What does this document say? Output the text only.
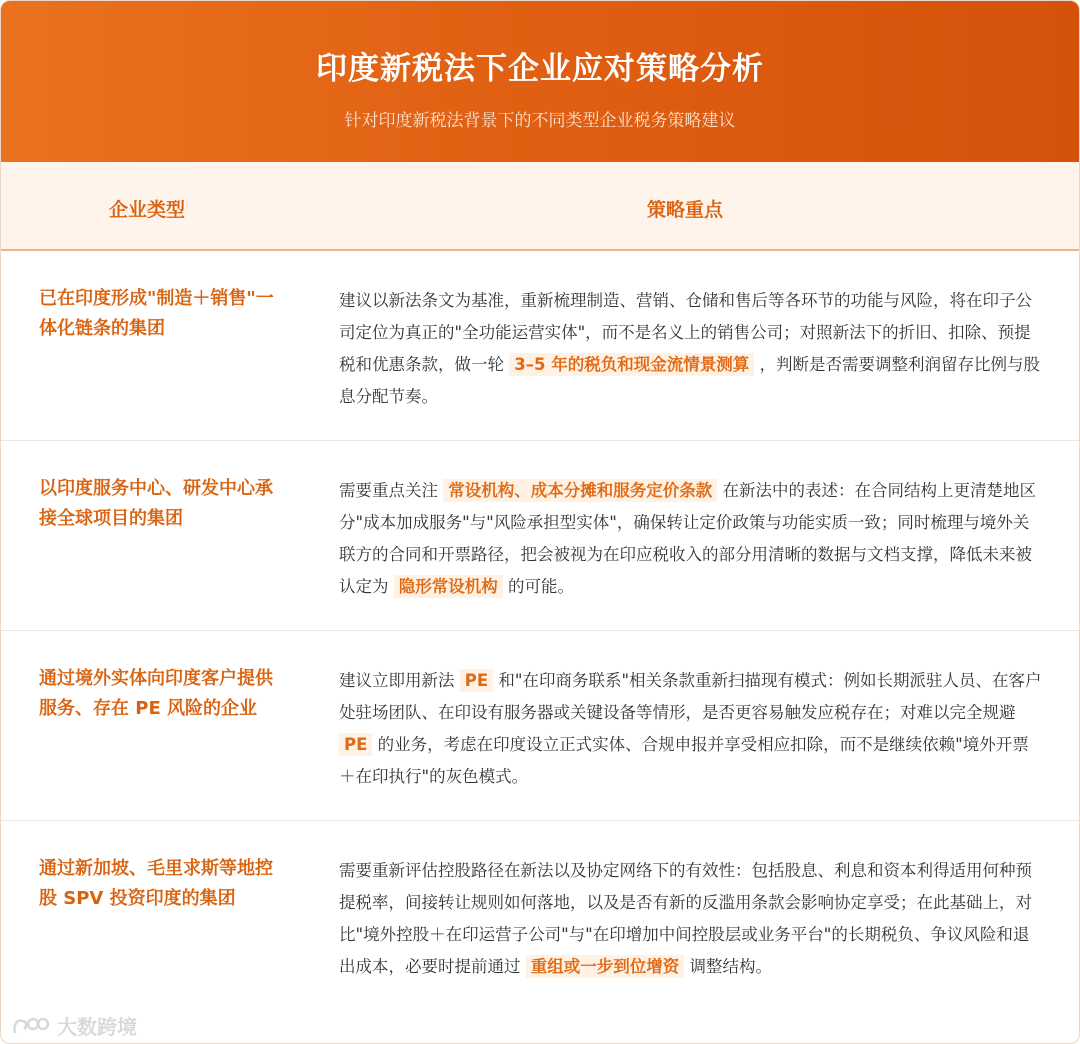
印度新税法下企业应对策略分析
针对印度新税法背景下的不同类型企业税务策略建议
企业类型	策略重点
已在印度形成"制造＋销售"一体化链条的集团
建议以新法条文为基准，重新梳理制造、营销、仓储和售后等各环节的功能与风险，将在印子公司定位为真正的"全功能运营实体"，而不是名义上的销售公司；对照新法下的折旧、扣除、预提税和优惠条款，做一轮 3–5 年的税负和现金流情景测算 ，判断是否需要调整利润留存比例与股息分配节奏。
以印度服务中心、研发中心承接全球项目的集团
需要重点关注 常设机构、成本分摊和服务定价条款 在新法中的表述：在合同结构上更清楚地区分"成本加成服务"与"风险承担型实体"，确保转让定价政策与功能实质一致；同时梳理与境外关联方的合同和开票路径，把会被视为在印应税收入的部分用清晰的数据与文档支撑，降低未来被认定为 隐形常设机构 的可能。
通过境外实体向印度客户提供服务、存在 PE 风险的企业
建议立即用新法 PE 和"在印商务联系"相关条款重新扫描现有模式：例如长期派驻人员、在客户处驻场团队、在印设有服务器或关键设备等情形，是否更容易触发应税存在；对难以完全规避 PE 的业务，考虑在印度设立正式实体、合规申报并享受相应扣除，而不是继续依赖"境外开票＋在印执行"的灰色模式。
通过新加坡、毛里求斯等地控股 SPV 投资印度的集团
需要重新评估控股路径在新法以及协定网络下的有效性：包括股息、利息和资本利得适用何种预提税率，间接转让规则如何落地，以及是否有新的反滥用条款会影响协定享受；在此基础上，对比"境外控股＋在印运营子公司"与"在印增加中间控股层或业务平台"的长期税负、争议风险和退出成本，必要时提前通过 重组或一步到位增资 调整结构。
大数跨境
